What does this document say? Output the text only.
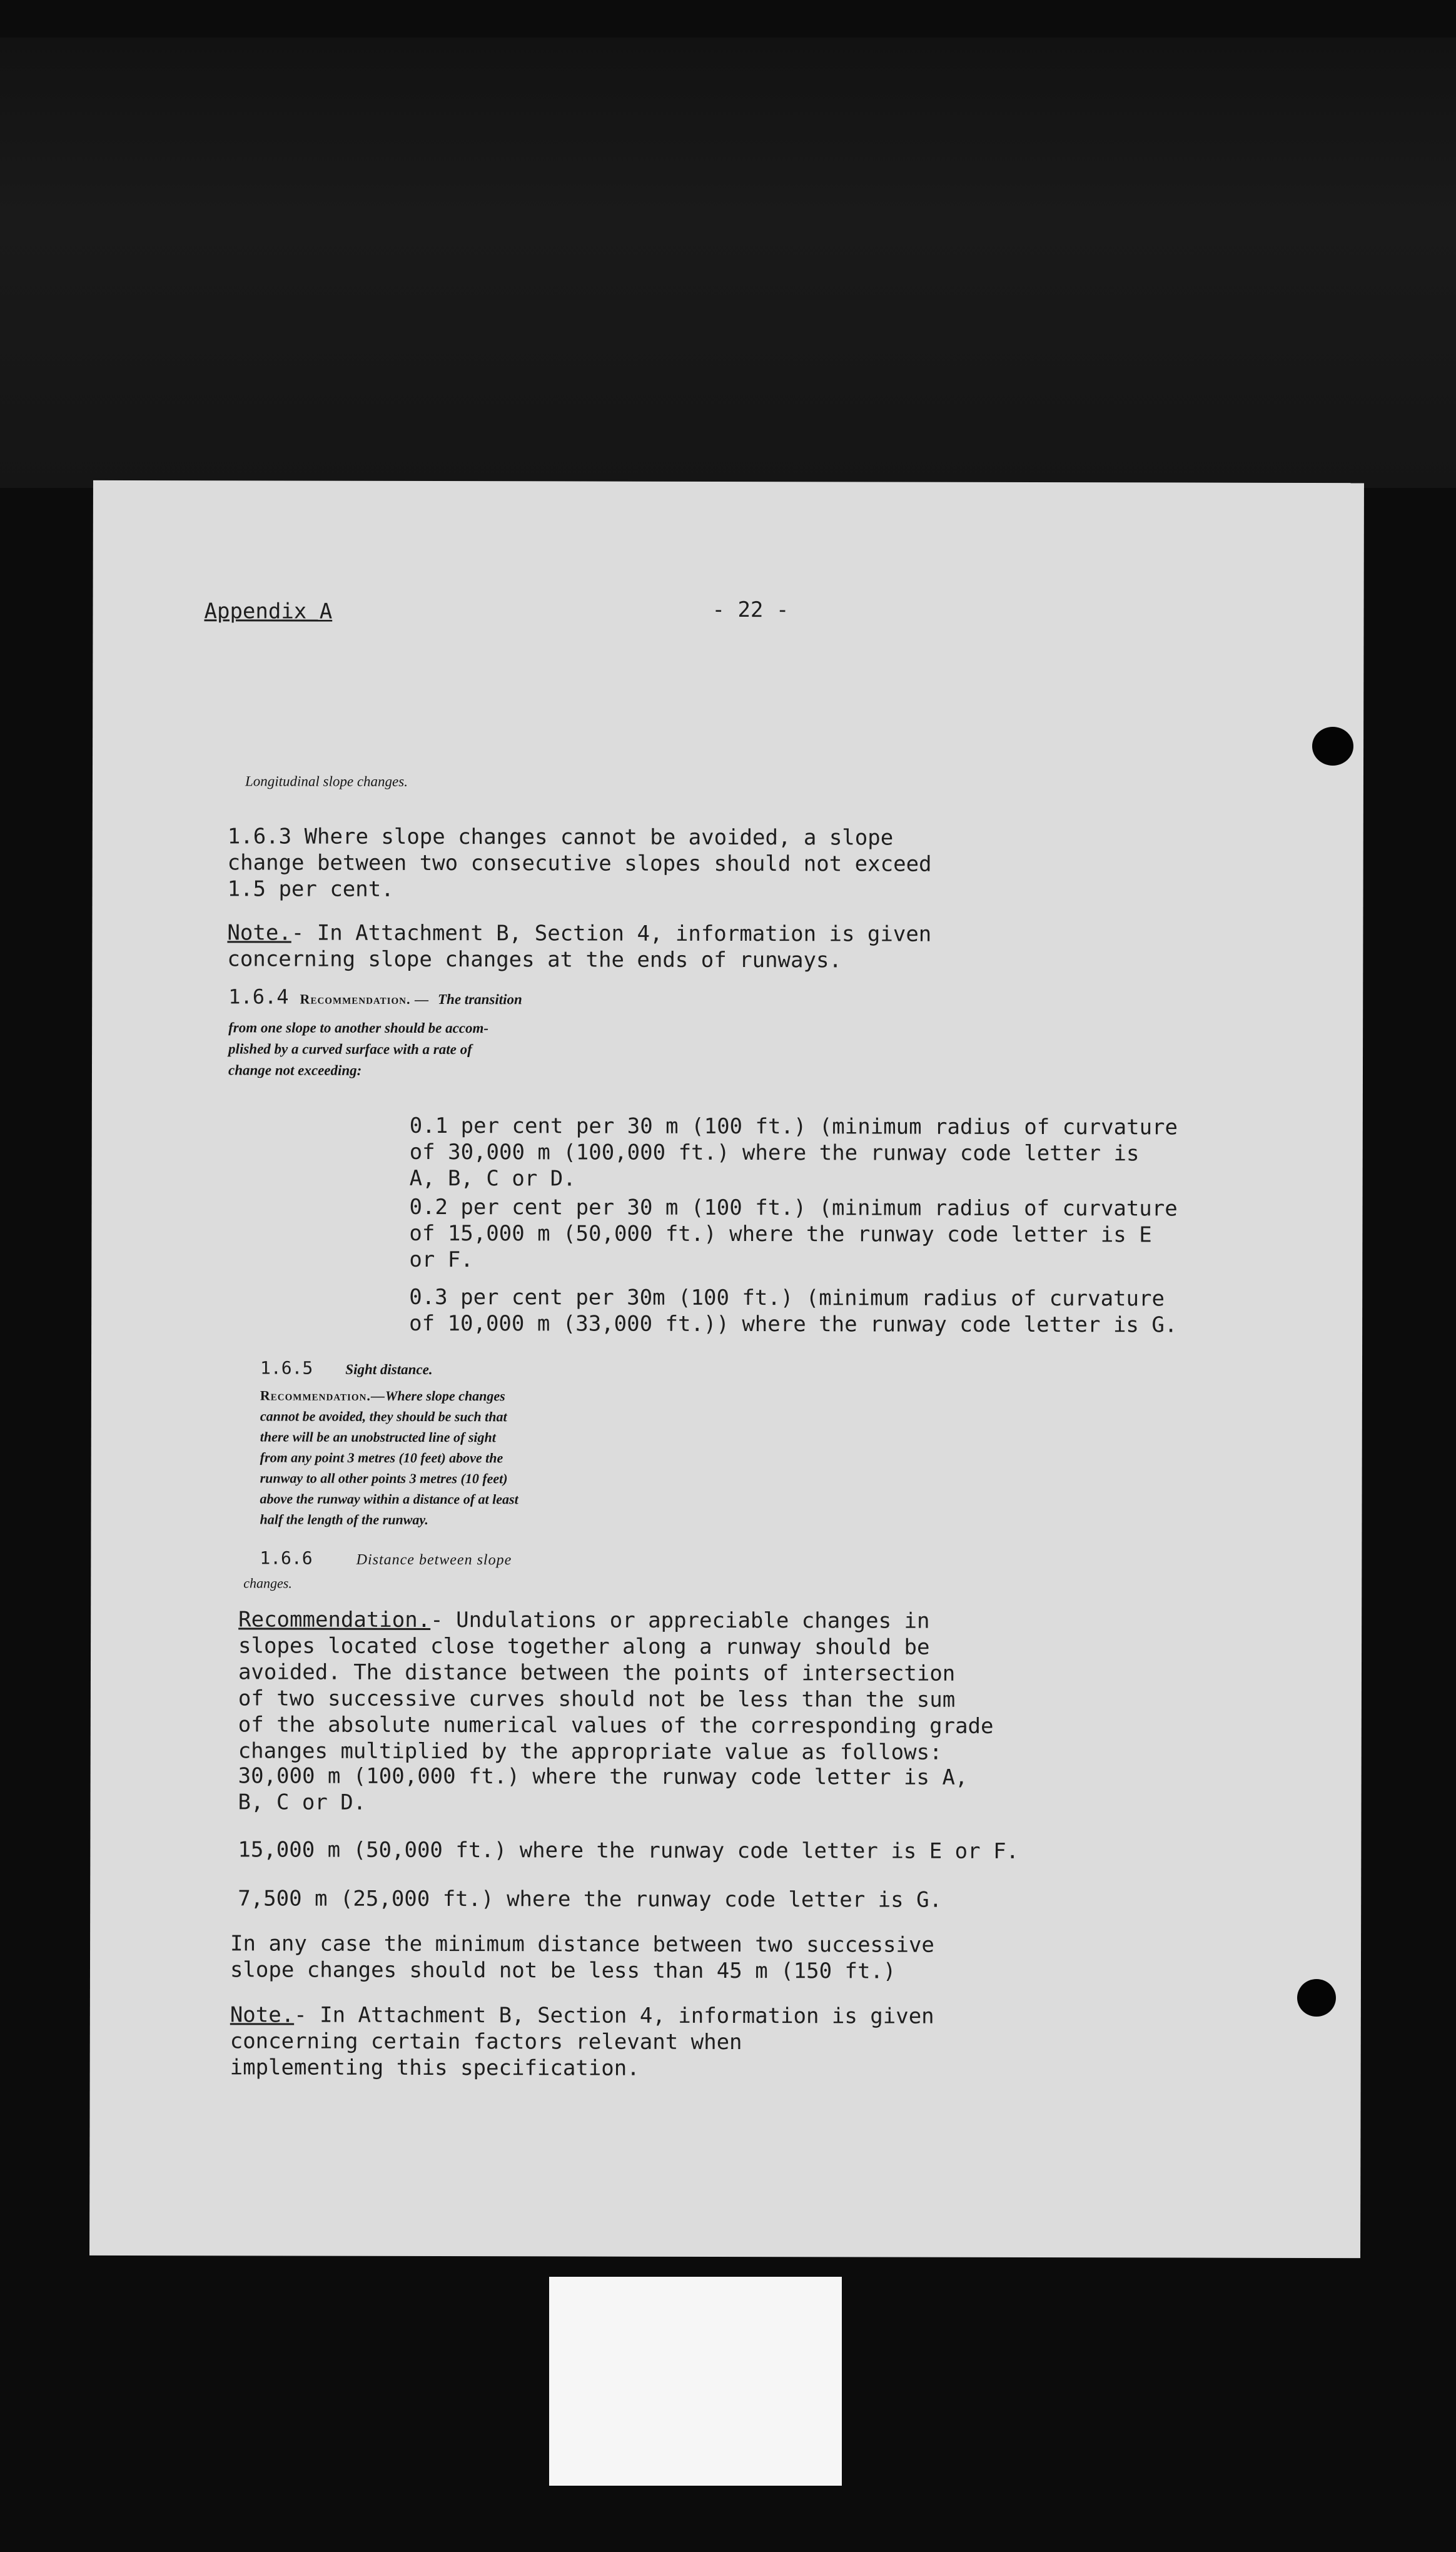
Appendix A	- 22 -
Longitudinal slope changes.
1.6.3 Where slope changes cannot be avoided, a slope
change between two consecutive slopes should not exceed
1.5 per cent.
Note.- In Attachment B, Section 4, information is given
concerning slope changes at the ends of runways.
1.6.4 Recommendation. — The transition
from one slope to another should be accom-
plished by a curved surface with a rate of
change not exceeding:
0.1 per cent per 30 m (100 ft.) (minimum radius of curvature
of 30,000 m (100,000 ft.) where the runway code letter is
A, B, C or D.
0.2 per cent per 30 m (100 ft.) (minimum radius of curvature
of 15,000 m (50,000 ft.) where the runway code letter is E
or F.
0.3 per cent per 30m (100 ft.) (minimum radius of curvature
of 10,000 m (33,000 ft.)) where the runway code letter is G.
1.6.5 Sight distance.
Recommendation.—Where slope changes
cannot be avoided, they should be such that
there will be an unobstructed line of sight
from any point 3 metres (10 feet) above the
runway to all other points 3 metres (10 feet)
above the runway within a distance of at least
half the length of the runway.
1.6.6	Distance between slope
changes.
Recommendation.- Undulations or appreciable changes in
slopes located close together along a runway should be
avoided. The distance between the points of intersection
of two successive curves should not be less than the sum
of the absolute numerical values of the corresponding grade
changes multiplied by the appropriate value as follows:
30,000 m (100,000 ft.) where the runway code letter is A,
B, C or D.
15,000 m (50,000 ft.) where the runway code letter is E or F.
7,500 m (25,000 ft.) where the runway code letter is G.
In any case the minimum distance between two successive
slope changes should not be less than 45 m (150 ft.)
Note.- In Attachment B, Section 4, information is given
concerning certain factors relevant when
implementing this specification.
